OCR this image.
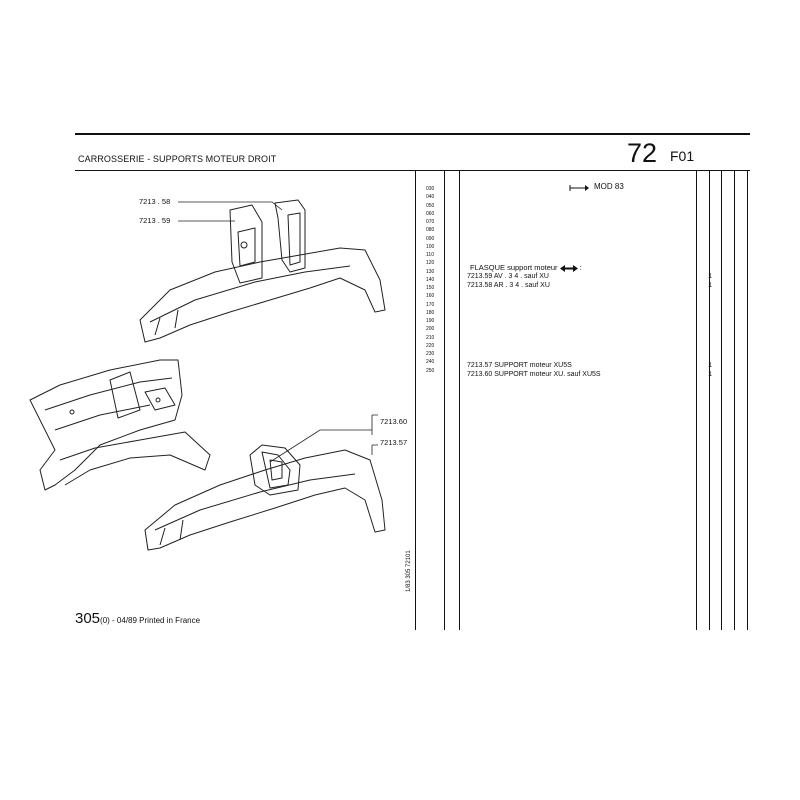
CARROSSERIE - SUPPORTS MOTEUR DROIT	72 F01
030
040
050
060
070
080
090
100
110
120
130
140
150
160
170
180
190
200
210
220
230
240
250
MOD 83
FLASQUE support moteur	:
7213.59 AV . 3 4 . sauf XU	1
7213.58 AR . 3 4 . sauf XU	1
7213.57 SUPPORT moteur XU5S	1
7213.60 SUPPORT moteur XU. sauf XU5S	1
7213 . 58
7213 . 59
7213.60
7213.57
305(0) - 04/89 Printed in France
1/83 305 72101
